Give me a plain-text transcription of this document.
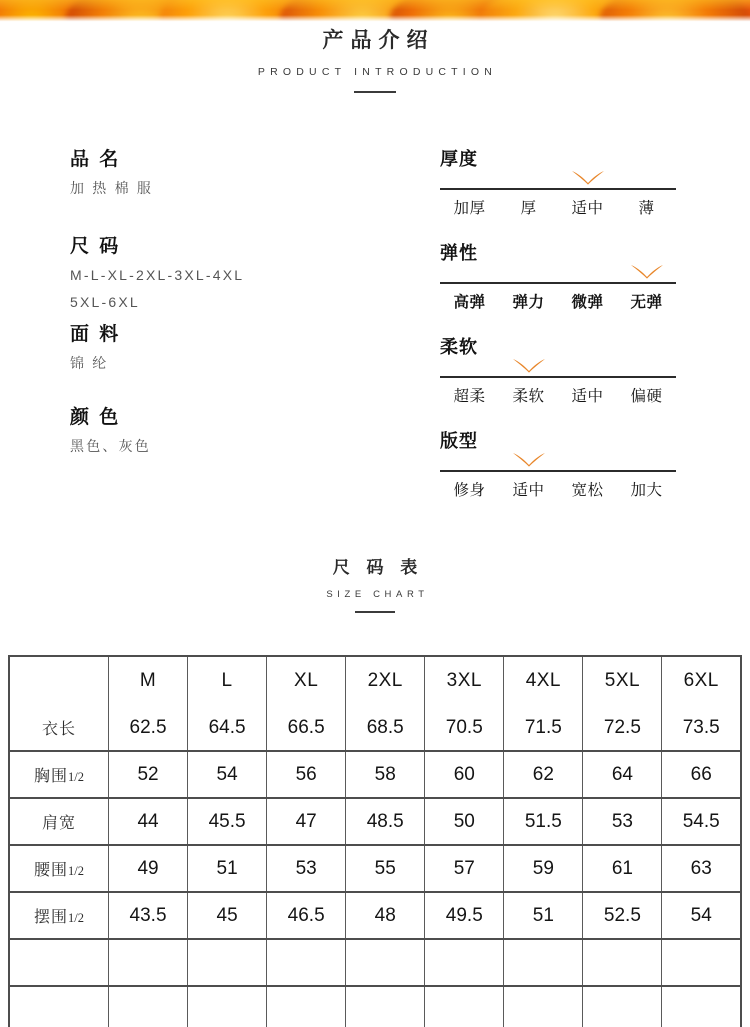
产品介绍
PRODUCT INTRODUCTION
品 名
加 热 棉 服
尺 码
M-L-XL-2XL-3XL-4XL
5XL-6XL
面 料
锦 纶
颜 色
黑色、灰色
厚度
加厚	厚	适中	薄
弹性
高弹	弹力	微弹	无弹
柔软
超柔	柔软	适中	偏硬
版型
修身	适中	宽松	加大
尺 码 表
SIZE CHART
	M	L	XL	2XL	3XL	4XL	5XL	6XL
衣长	62.5	64.5	66.5	68.5	70.5	71.5	72.5	73.5
胸围1/2	52	54	56	58	60	62	64	66
肩宽	44	45.5	47	48.5	50	51.5	53	54.5
腰围1/2	49	51	53	55	57	59	61	63
摆围1/2	43.5	45	46.5	48	49.5	51	52.5	54
